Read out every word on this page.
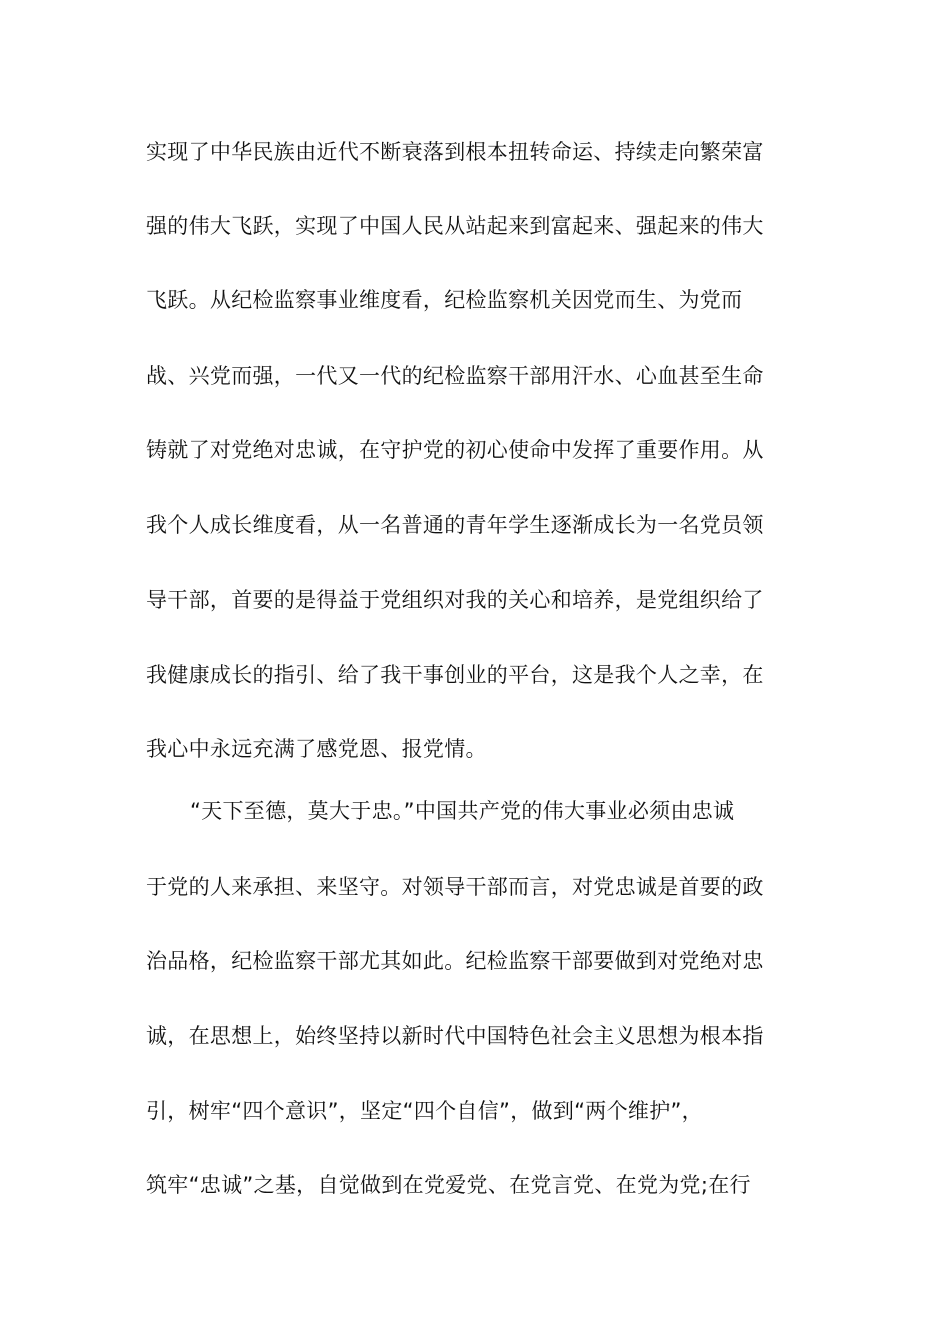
实现了中华民族由近代不断衰落到根本扭转命运、持续走向繁荣富
强的伟大飞跃，实现了中国人民从站起来到富起来、强起来的伟大
飞跃。从纪检监察事业维度看，纪检监察机关因党而生、为党而
战、兴党而强，一代又一代的纪检监察干部用汗水、心血甚至生命
铸就了对党绝对忠诚，在守护党的初心使命中发挥了重要作用。从
我个人成长维度看，从一名普通的青年学生逐渐成长为一名党员领
导干部，首要的是得益于党组织对我的关心和培养，是党组织给了
我健康成长的指引、给了我干事创业的平台，这是我个人之幸，在
我心中永远充满了感党恩、报党情。
“天下至德，莫大于忠。”中国共产党的伟大事业必须由忠诚
于党的人来承担、来坚守。对领导干部而言，对党忠诚是首要的政
治品格，纪检监察干部尤其如此。纪检监察干部要做到对党绝对忠
诚，在思想上，始终坚持以新时代中国特色社会主义思想为根本指
引，树牢“四个意识”，坚定“四个自信”，做到“两个维护”，
筑牢“忠诚”之基，自觉做到在党爱党、在党言党、在党为党;在行
